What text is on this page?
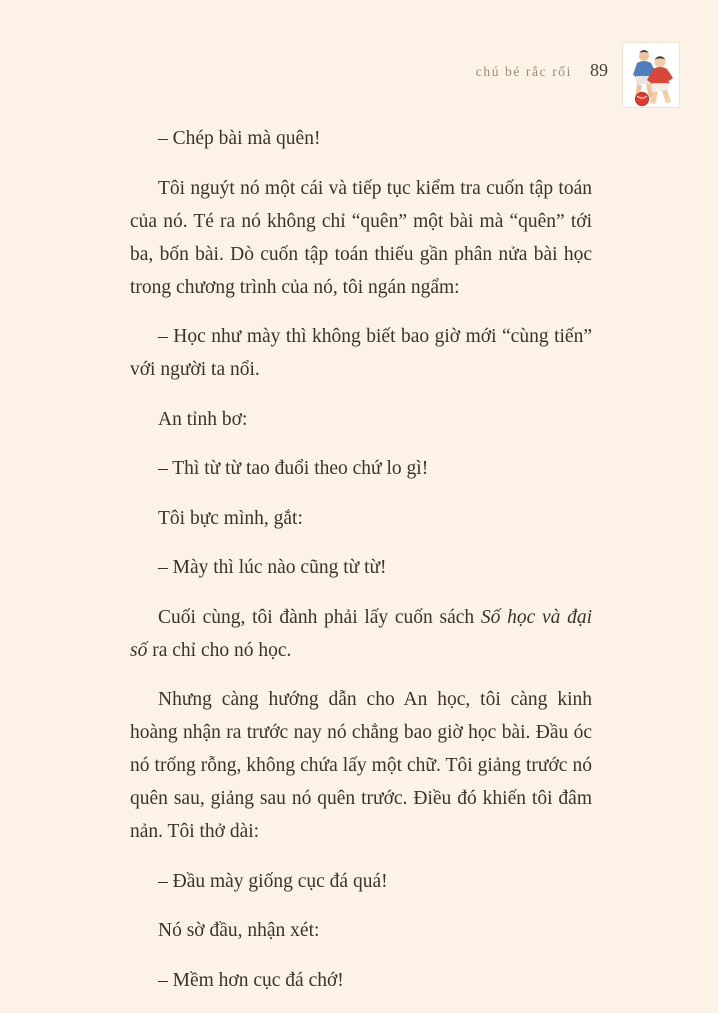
chú bé rắc rối 89

– Chép bài mà quên!

Tôi nguýt nó một cái và tiếp tục kiểm tra cuốn tập toán của nó. Té ra nó không chỉ “quên” một bài mà “quên” tới ba, bốn bài. Dò cuốn tập toán thiếu gần phân nửa bài học trong chương trình của nó, tôi ngán ngẩm:

– Học như mày thì không biết bao giờ mới “cùng tiến” với người ta nổi.

An tỉnh bơ:

– Thì từ từ tao đuổi theo chứ lo gì!

Tôi bực mình, gắt:

– Mày thì lúc nào cũng từ từ!

Cuối cùng, tôi đành phải lấy cuốn sách Số học và đại số ra chỉ cho nó học.

Nhưng càng hướng dẫn cho An học, tôi càng kinh hoàng nhận ra trước nay nó chẳng bao giờ học bài. Đầu óc nó trống rỗng, không chứa lấy một chữ. Tôi giảng trước nó quên sau, giảng sau nó quên trước. Điều đó khiến tôi đâm nản. Tôi thở dài:

– Đầu mày giống cục đá quá!

Nó sờ đầu, nhận xét:

– Mềm hơn cục đá chớ!
